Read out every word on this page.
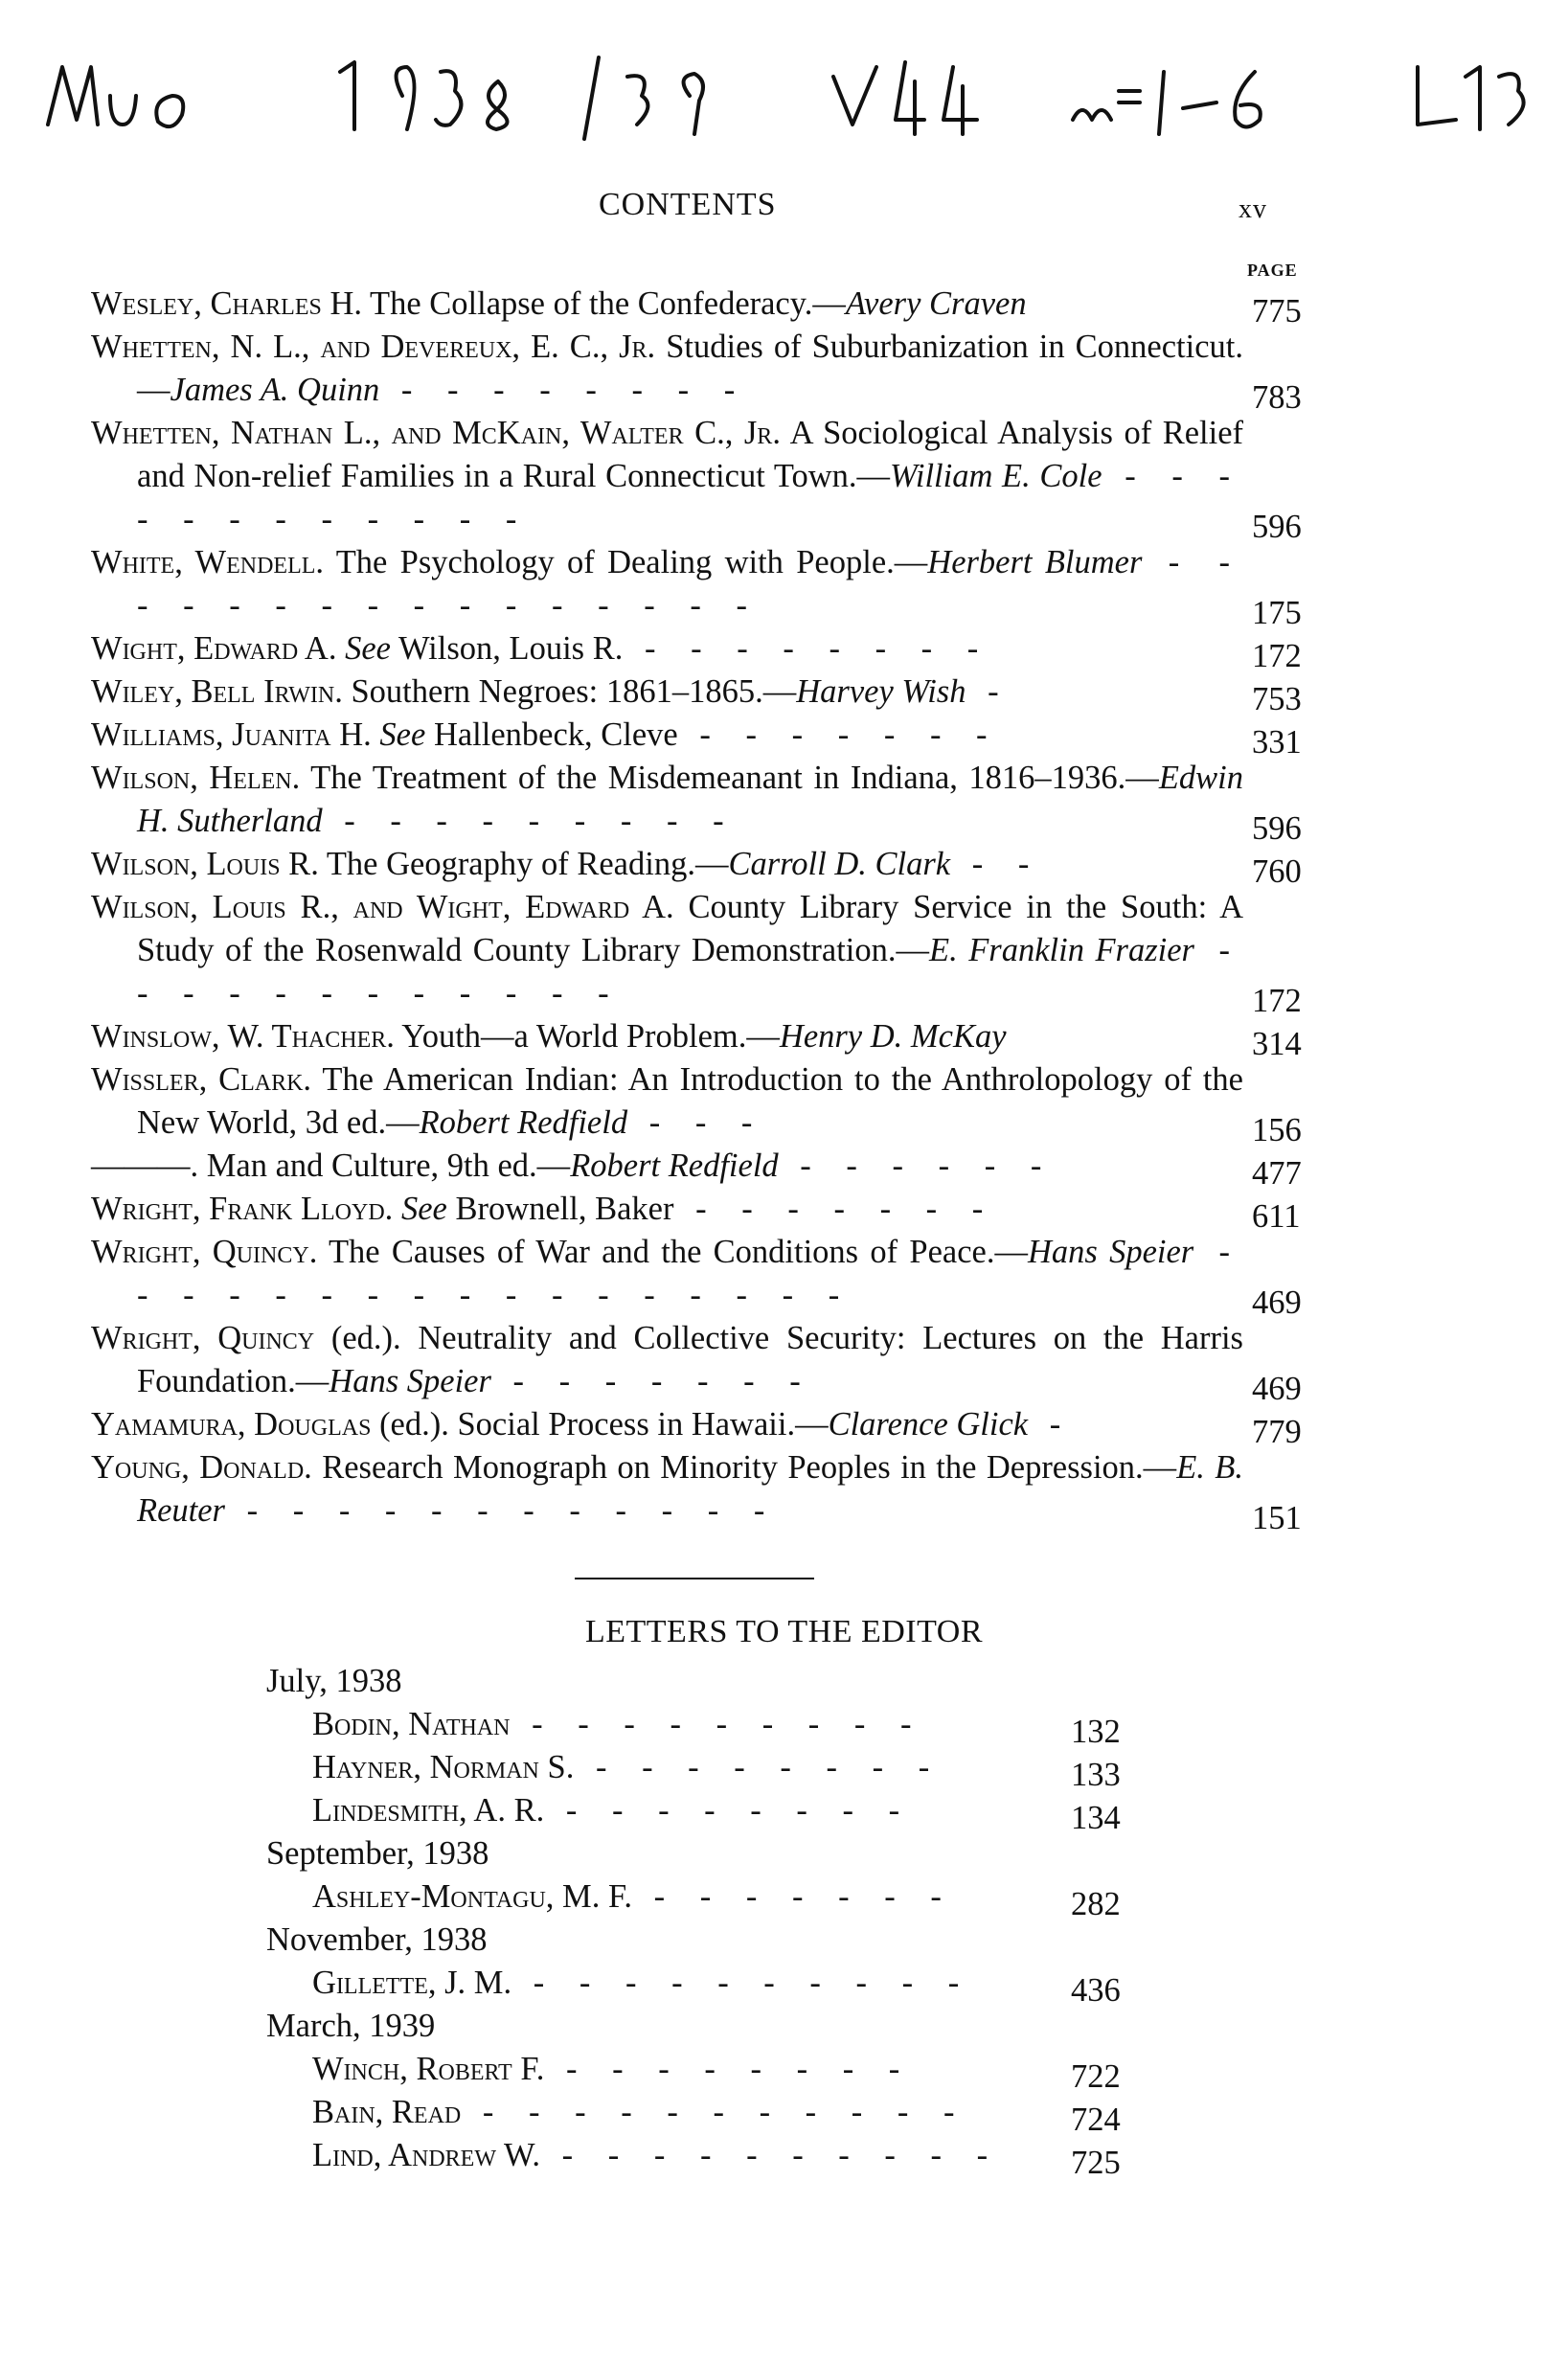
CONTENTS	xv
PAGE
Wesley, Charles H. The Collapse of the Confederacy.—Avery Craven	775
Whetten, N. L., and Devereux, E. C., Jr. Studies of Suburbanization in Connecticut.—James A. Quinn - - - - - - - -	783
Whetten, Nathan L., and McKain, Walter C., Jr. A Sociological Analysis of Relief and Non-relief Families in a Rural Connecticut Town.—William E. Cole - - - - - - - - - - - -	596
White, Wendell. The Psychology of Dealing with People.—Herbert Blumer - - - - - - - - - - - - - - - -	175
Wight, Edward A. See Wilson, Louis R. - - - - - - - -	172
Wiley, Bell Irwin. Southern Negroes: 1861–1865.—Harvey Wish -	753
Williams, Juanita H. See Hallenbeck, Cleve - - - - - - -	331
Wilson, Helen. The Treatment of the Misdemeanant in Indiana, 1816–1936.—Edwin H. Sutherland - - - - - - - - -	596
Wilson, Louis R. The Geography of Reading.—Carroll D. Clark - -	760
Wilson, Louis R., and Wight, Edward A. County Library Service in the South: A Study of the Rosenwald County Library Demonstration.—E. Franklin Frazier - - - - - - - - - - - -	172
Winslow, W. Thacher. Youth—a World Problem.—Henry D. McKay	314
Wissler, Clark. The American Indian: An Introduction to the Anthrolopology of the New World, 3d ed.—Robert Redfield - - -	156
———. Man and Culture, 9th ed.—Robert Redfield - - - - - -	477
Wright, Frank Lloyd. See Brownell, Baker - - - - - - -	611
Wright, Quincy. The Causes of War and the Conditions of Peace.—Hans Speier - - - - - - - - - - - - - - - - -	469
Wright, Quincy (ed.). Neutrality and Collective Security: Lectures on the Harris Foundation.—Hans Speier - - - - - - -	469
Yamamura, Douglas (ed.). Social Process in Hawaii.—Clarence Glick -	779
Young, Donald. Research Monograph on Minority Peoples in the Depression.—E. B. Reuter - - - - - - - - - - - -	151
LETTERS TO THE EDITOR
July, 1938
Bodin, Nathan - - - - - - - - -	132
Hayner, Norman S. - - - - - - - -	133
Lindesmith, A. R. - - - - - - - -	134
September, 1938
Ashley-Montagu, M. F. - - - - - - -	282
November, 1938
Gillette, J. M. - - - - - - - - - -	436
March, 1939
Winch, Robert F. - - - - - - - -	722
Bain, Read - - - - - - - - - - -	724
Lind, Andrew W. - - - - - - - - - - 725
